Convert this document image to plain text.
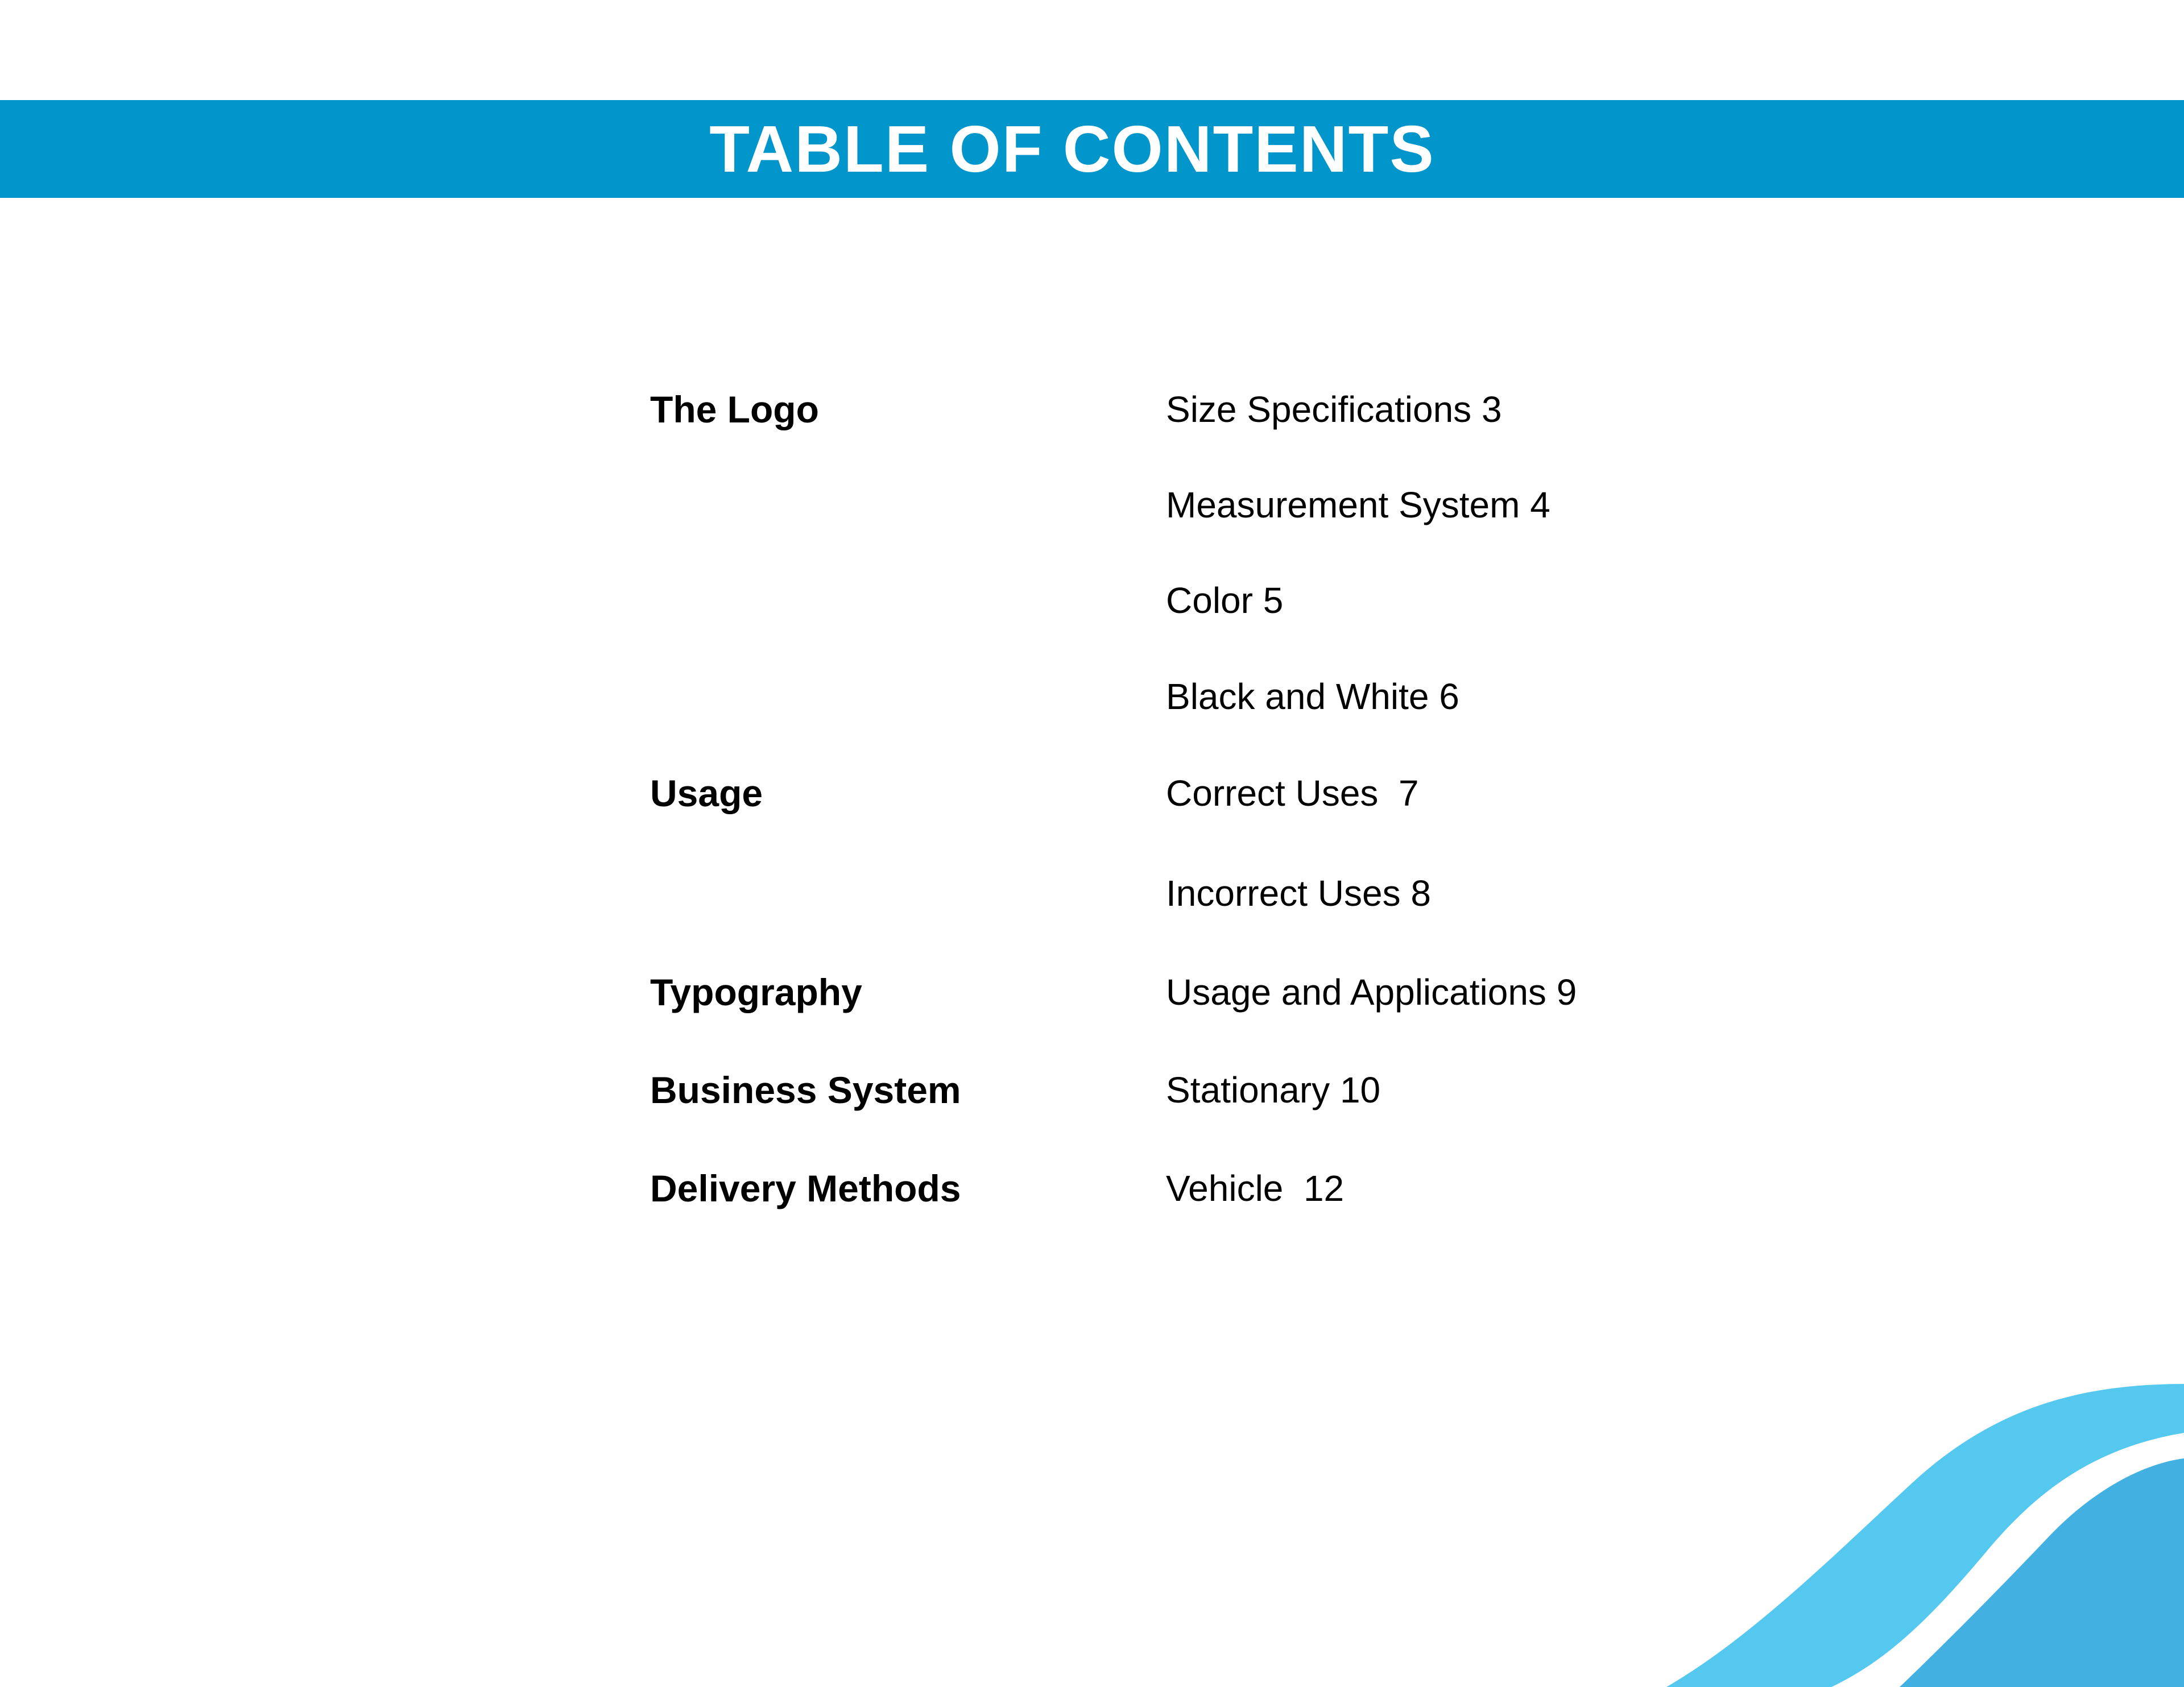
TABLE OF CONTENTS
The Logo	Size Specifications 3
Measurement System 4
Color 5
Black and White 6
Usage	Correct Uses  7
Incorrect Uses 8
Typography	Usage and Applications 9
Business System	Stationary 10
Delivery Methods	Vehicle  12
